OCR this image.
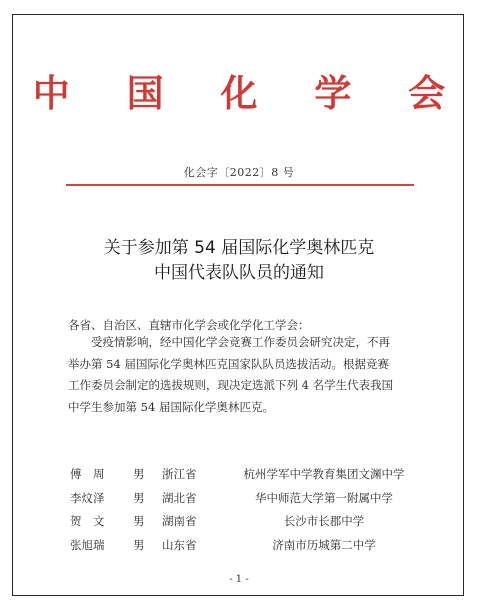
中 国 化 学 会
化会字〔2022〕8 号
关于参加第 54 届国际化学奥林匹克
中国代表队队员的通知
各省、自治区、直辖市化学会或化学化工学会：
受疫情影响，经中国化学会竞赛工作委员会研究决定，不再
举办第 54 届国际化学奥林匹克国家队队员选拔活动。根据竞赛
工作委员会制定的选拔规则，现决定选派下列 4 名学生代表我国
中学生参加第 54 届国际化学奥林匹克。
傅　周	男 浙江省	杭州学军中学教育集团文渊中学
李炆泽	男 湖北省	华中师范大学第一附属中学
贺　文	男 湖南省	长沙市长郡中学
张旭瑞	男 山东省	济南市历城第二中学
- 1 -
